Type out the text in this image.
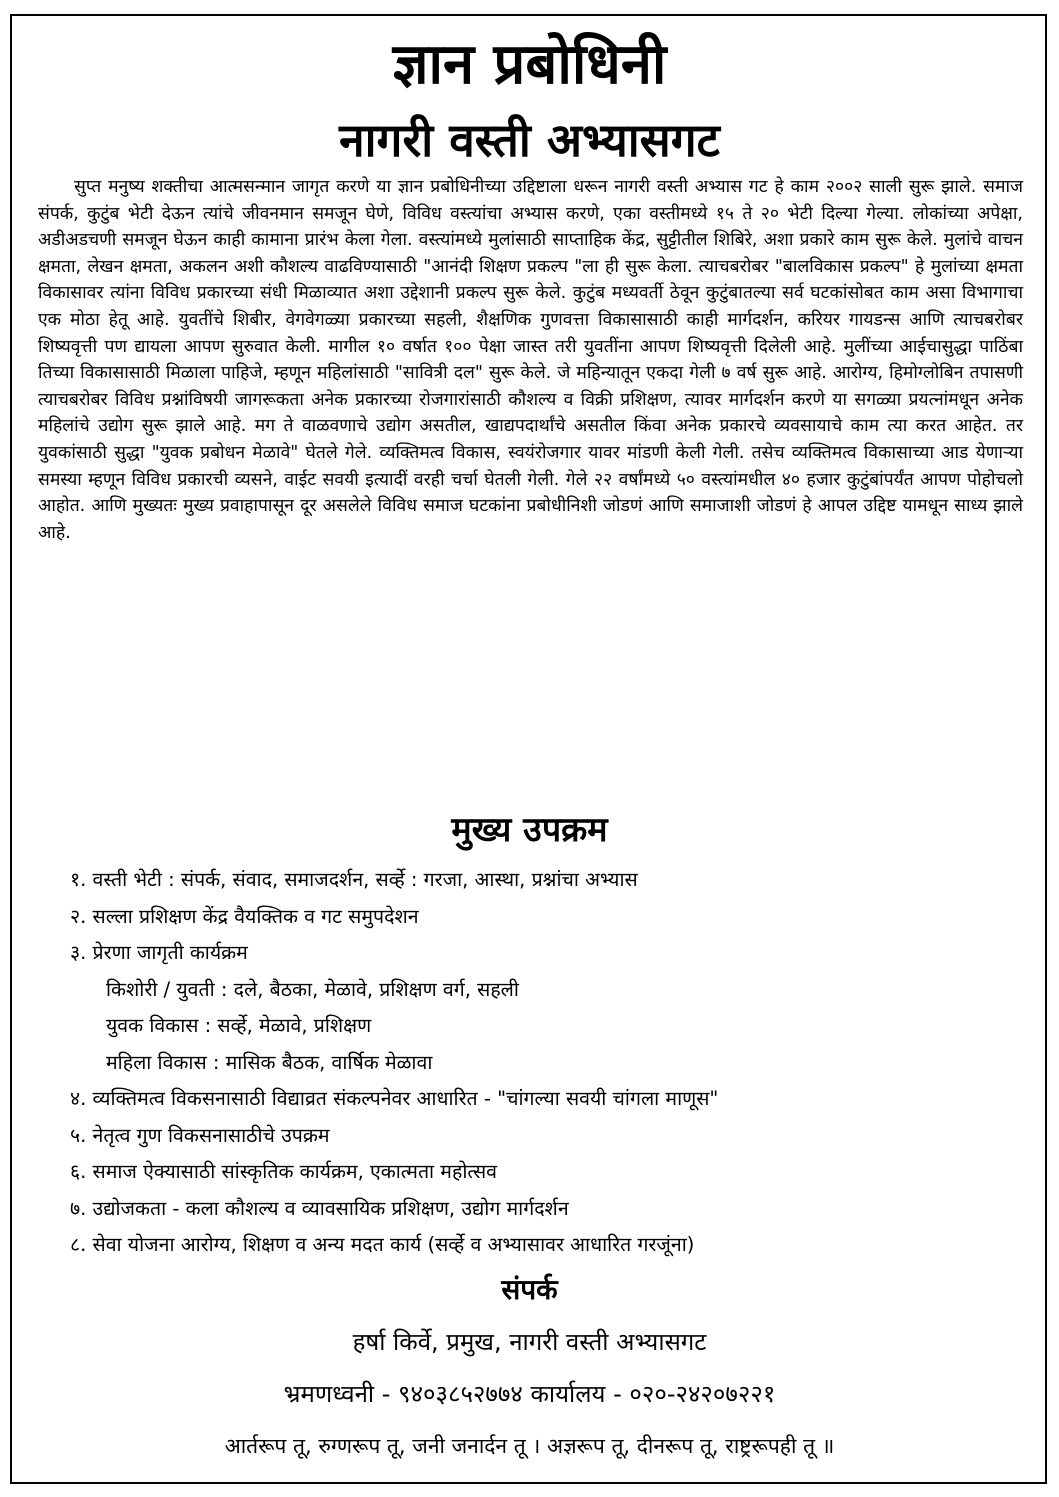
ज्ञान प्रबोधिनी
नागरी वस्ती अभ्यासगट

सुप्त मनुष्य शक्तीचा आत्मसन्मान जागृत करणे या ज्ञान प्रबोधिनीच्या उद्दिष्टाला धरून नागरी वस्ती अभ्यास गट हे काम २००२ साली सुरू झाले. समाज संपर्क, कुटुंब भेटी देऊन त्यांचे जीवनमान समजून घेणे, विविध वस्त्यांचा अभ्यास करणे, एका वस्तीमध्ये १५ ते २० भेटी दिल्या गेल्या. लोकांच्या अपेक्षा, अडीअडचणी समजून घेऊन काही कामाना प्रारंभ केला गेला. वस्त्यांमध्ये मुलांसाठी साप्ताहिक केंद्र, सुट्टीतील शिबिरे, अशा प्रकारे काम सुरू केले. मुलांचे वाचन क्षमता, लेखन क्षमता, अकलन अशी कौशल्य वाढविण्यासाठी "आनंदी शिक्षण प्रकल्प "ला ही सुरू केला. त्याचबरोबर "बालविकास प्रकल्प" हे मुलांच्या क्षमता विकासावर त्यांना विविध प्रकारच्या संधी मिळाव्यात अशा उद्देशानी प्रकल्प सुरू केले. कुटुंब मध्यवर्ती ठेवून कुटुंबातल्या सर्व घटकांसोबत काम असा विभागाचा एक मोठा हेतू आहे. युवतींचे शिबीर, वेगवेगळ्या प्रकारच्या सहली, शैक्षणिक गुणवत्ता विकासासाठी काही मार्गदर्शन, करियर गायडन्स आणि त्याचबरोबर शिष्यवृत्ती पण द्यायला आपण सुरुवात केली. मागील १० वर्षात १०० पेक्षा जास्त तरी युवतींना आपण शिष्यवृत्ती दिलेली आहे. मुलींच्या आईचासुद्धा पाठिंबा तिच्या विकासासाठी मिळाला पाहिजे, म्हणून महिलांसाठी "सावित्री दल" सुरू केले. जे महिन्यातून एकदा गेली ७ वर्ष सुरू आहे. आरोग्य, हिमोग्लोबिन तपासणी त्याचबरोबर विविध प्रश्नांविषयी जागरूकता अनेक प्रकारच्या रोजगारांसाठी कौशल्य व विक्री प्रशिक्षण, त्यावर मार्गदर्शन करणे या सगळ्या प्रयत्नांमधून अनेक महिलांचे उद्योग सुरू झाले आहे. मग ते वाळवणाचे उद्योग असतील, खाद्यपदार्थांचे असतील किंवा अनेक प्रकारचे व्यवसायाचे काम त्या करत आहेत. तर युवकांसाठी सुद्धा "युवक प्रबोधन मेळावे" घेतले गेले. व्यक्तिमत्व विकास, स्वयंरोजगार यावर मांडणी केली गेली. तसेच व्यक्तिमत्व विकासाच्या आड येणाऱ्या समस्या म्हणून विविध प्रकारची व्यसने, वाईट सवयी इत्यादीं वरही चर्चा घेतली गेली. गेले २२ वर्षांमध्ये ५० वस्त्यांमधील ४० हजार कुटुंबांपर्यंत आपण पोहोचलो आहोत. आणि मुख्यतः मुख्य प्रवाहापासून दूर असलेले विविध समाज घटकांना प्रबोधीनिशी जोडणं आणि समाजाशी जोडणं हे आपल उद्दिष्ट यामधून साध्य झाले आहे.

मुख्य उपक्रम
१. वस्ती भेटी : संपर्क, संवाद, समाजदर्शन, सर्व्हे : गरजा, आस्था, प्रश्नांचा अभ्यास
२. सल्ला प्रशिक्षण केंद्र वैयक्तिक व गट समुपदेशन
३. प्रेरणा जागृती कार्यक्रम
किशोरी / युवती : दले, बैठका, मेळावे, प्रशिक्षण वर्ग, सहली
युवक विकास : सर्व्हे, मेळावे, प्रशिक्षण
महिला विकास : मासिक बैठक, वार्षिक मेळावा
४. व्यक्तिमत्व विकसनासाठी विद्याव्रत संकल्पनेवर आधारित - "चांगल्या सवयी चांगला माणूस"
५. नेतृत्व गुण विकसनासाठीचे उपक्रम
६. समाज ऐक्यासाठी सांस्कृतिक कार्यक्रम, एकात्मता महोत्सव
७. उद्योजकता - कला कौशल्य व व्यावसायिक प्रशिक्षण, उद्योग मार्गदर्शन
८. सेवा योजना आरोग्य, शिक्षण व अन्य मदत कार्य (सर्व्हे व अभ्यासावर आधारित गरजूंना)
संपर्क

हर्षा किर्वे, प्रमुख, नागरी वस्ती अभ्यासगट

भ्रमणध्वनी - ९४०३८५२७७४ कार्यालय - ०२०-२४२०७२२१

आर्तरूप तू, रुग्णरूप तू, जनी जनार्दन तू । अज्ञरूप तू, दीनरूप तू, राष्ट्ररूपही तू ॥
